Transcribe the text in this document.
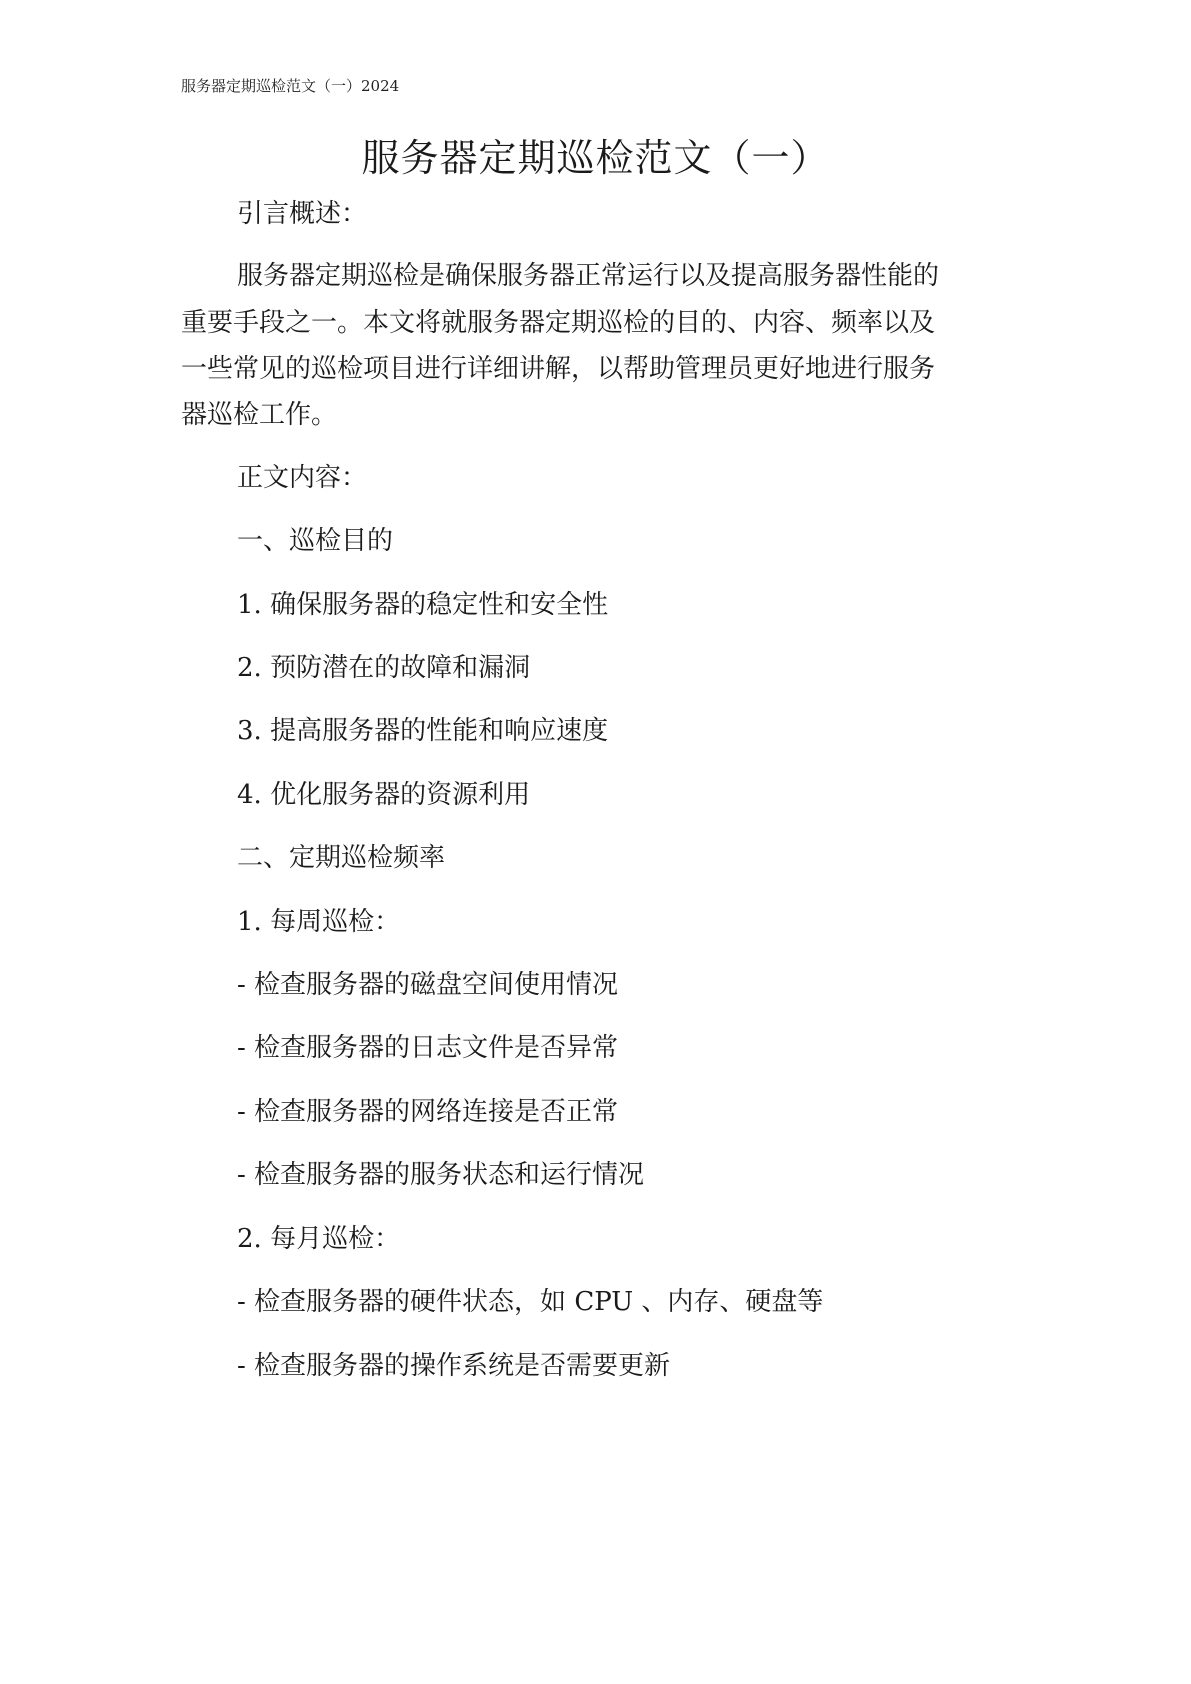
服务器定期巡检范文（一）2024
服务器定期巡检范文（一）
引言概述：
服务器定期巡检是确保服务器正常运行以及提高服务器性能的
重要手段之一。本文将就服务器定期巡检的目的、内容、频率以及
一些常见的巡检项目进行详细讲解，以帮助管理员更好地进行服务
器巡检工作。
正文内容：
一、巡检目的
1. 确保服务器的稳定性和安全性
2. 预防潜在的故障和漏洞
3. 提高服务器的性能和响应速度
4. 优化服务器的资源利用
二、定期巡检频率
1. 每周巡检：
- 检查服务器的磁盘空间使用情况
- 检查服务器的日志文件是否异常
- 检查服务器的网络连接是否正常
- 检查服务器的服务状态和运行情况
2. 每月巡检：
- 检查服务器的硬件状态，如 CPU 、内存、硬盘等
- 检查服务器的操作系统是否需要更新
